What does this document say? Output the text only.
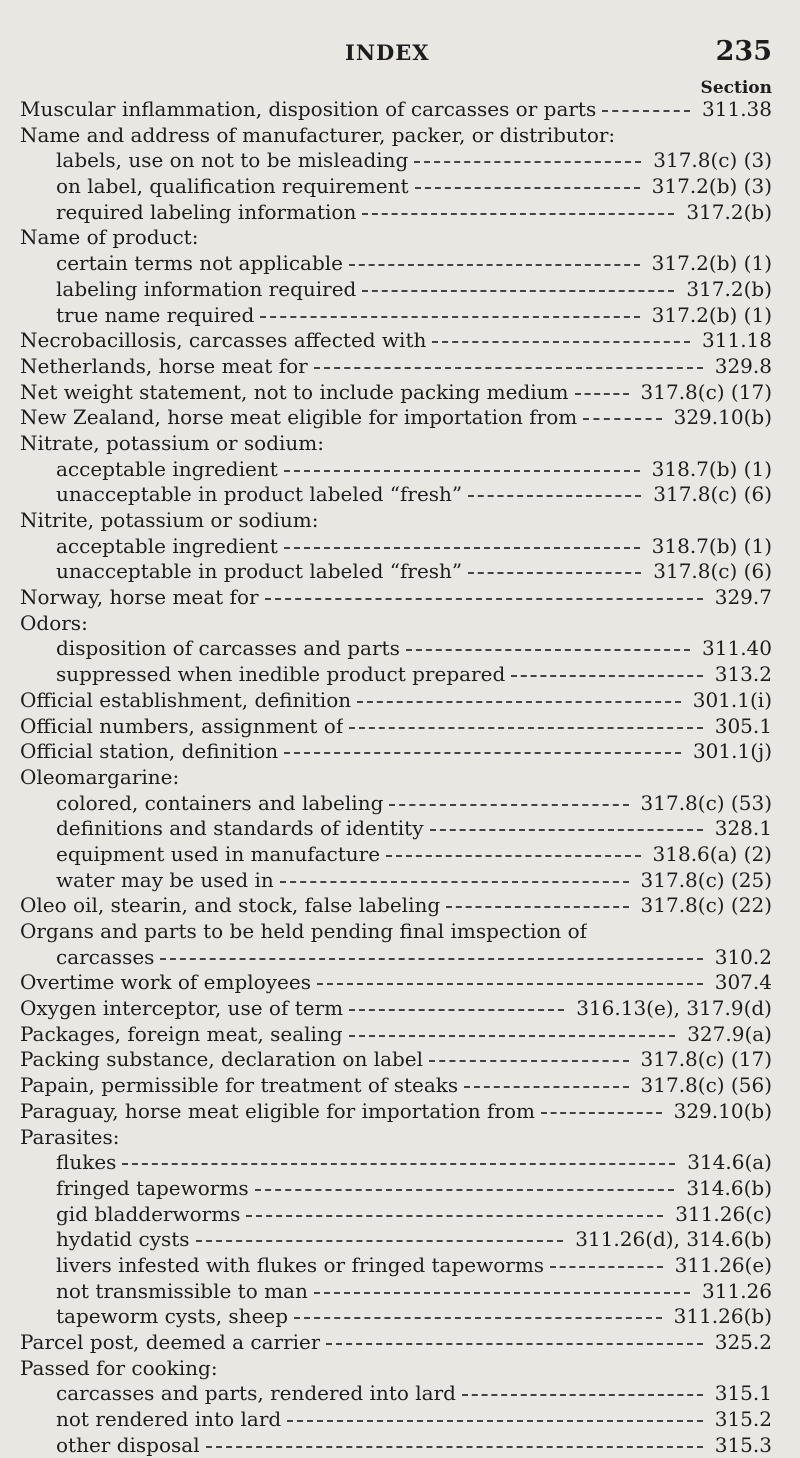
INDEX	235
Section
Muscular inflammation, disposition of carcasses or parts	311.38
Name and address of manufacturer, packer, or distributor:
labels, use on not to be misleading	317.8(c) (3)
on label, qualification requirement	317.2(b) (3)
required labeling information	317.2(b)
Name of product:
certain terms not applicable	317.2(b) (1)
labeling information required	317.2(b)
true name required	317.2(b) (1)
Necrobacillosis, carcasses affected with	311.18
Netherlands, horse meat for	329.8
Net weight statement, not to include packing medium	317.8(c) (17)
New Zealand, horse meat eligible for importation from	329.10(b)
Nitrate, potassium or sodium:
acceptable ingredient	318.7(b) (1)
unacceptable in product labeled “fresh”	317.8(c) (6)
Nitrite, potassium or sodium:
acceptable ingredient	318.7(b) (1)
unacceptable in product labeled “fresh”	317.8(c) (6)
Norway, horse meat for	329.7
Odors:
disposition of carcasses and parts	311.40
suppressed when inedible product prepared	313.2
Official establishment, definition	301.1(i)
Official numbers, assignment of	305.1
Official station, definition	301.1(j)
Oleomargarine:
colored, containers and labeling	317.8(c) (53)
definitions and standards of identity	328.1
equipment used in manufacture	318.6(a) (2)
water may be used in	317.8(c) (25)
Oleo oil, stearin, and stock, false labeling	317.8(c) (22)
Organs and parts to be held pending final imspection of
carcasses	310.2
Overtime work of employees	307.4
Oxygen interceptor, use of term	316.13(e), 317.9(d)
Packages, foreign meat, sealing	327.9(a)
Packing substance, declaration on label	317.8(c) (17)
Papain, permissible for treatment of steaks	317.8(c) (56)
Paraguay, horse meat eligible for importation from	329.10(b)
Parasites:
flukes	314.6(a)
fringed tapeworms	314.6(b)
gid bladderworms	311.26(c)
hydatid cysts	311.26(d), 314.6(b)
livers infested with flukes or fringed tapeworms	311.26(e)
not transmissible to man	311.26
tapeworm cysts, sheep	311.26(b)
Parcel post, deemed a carrier	325.2
Passed for cooking:
carcasses and parts, rendered into lard	315.1
not rendered into lard	315.2
other disposal	315.3
